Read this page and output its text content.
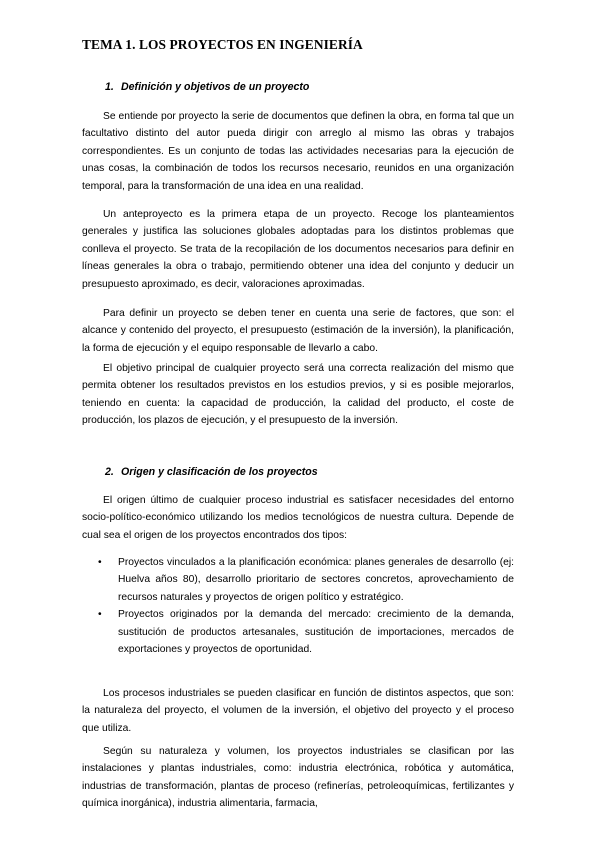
TEMA 1. LOS PROYECTOS EN INGENIERÍA
1. Definición y objetivos de un proyecto

Se entiende por proyecto la serie de documentos que definen la obra, en forma tal que un facultativo distinto del autor pueda dirigir con arreglo al mismo las obras y trabajos correspondientes. Es un conjunto de todas las actividades necesarias para la ejecución de unas cosas, la combinación de todos los recursos necesario, reunidos en una organización temporal, para la transformación de una idea en una realidad.

Un anteproyecto es la primera etapa de un proyecto. Recoge los planteamientos generales y justifica las soluciones globales adoptadas para los distintos problemas que conlleva el proyecto. Se trata de la recopilación de los documentos necesarios para definir en líneas generales la obra o trabajo, permitiendo obtener una idea del conjunto y deducir un presupuesto aproximado, es decir, valoraciones aproximadas.

Para definir un proyecto se deben tener en cuenta una serie de factores, que son: el alcance y contenido del proyecto, el presupuesto (estimación de la inversión), la planificación, la forma de ejecución y el equipo responsable de llevarlo a cabo.

El objetivo principal de cualquier proyecto será una correcta realización del mismo que permita obtener los resultados previstos en los estudios previos, y si es posible mejorarlos, teniendo en cuenta: la capacidad de producción, la calidad del producto, el coste de producción, los plazos de ejecución, y el presupuesto de la inversión.

2. Origen y clasificación de los proyectos

El origen último de cualquier proceso industrial es satisfacer necesidades del entorno socio-político-económico utilizando los medios tecnológicos de nuestra cultura. Depende de cual sea el origen de los proyectos encontrados dos tipos:

• Proyectos vinculados a la planificación económica: planes generales de desarrollo (ej: Huelva años 80), desarrollo prioritario de sectores concretos, aprovechamiento de recursos naturales y proyectos de origen político y estratégico.
• Proyectos originados por la demanda del mercado: crecimiento de la demanda, sustitución de productos artesanales, sustitución de importaciones, mercados de exportaciones y proyectos de oportunidad.

Los procesos industriales se pueden clasificar en función de distintos aspectos, que son: la naturaleza del proyecto, el volumen de la inversión, el objetivo del proyecto y el proceso que utiliza.

Según su naturaleza y volumen, los proyectos industriales se clasifican por las instalaciones y plantas industriales, como: industria electrónica, robótica y automática, industrias de transformación, plantas de proceso (refinerías, petroleoquímicas, fertilizantes y química inorgánica), industria alimentaria, farmacia,
